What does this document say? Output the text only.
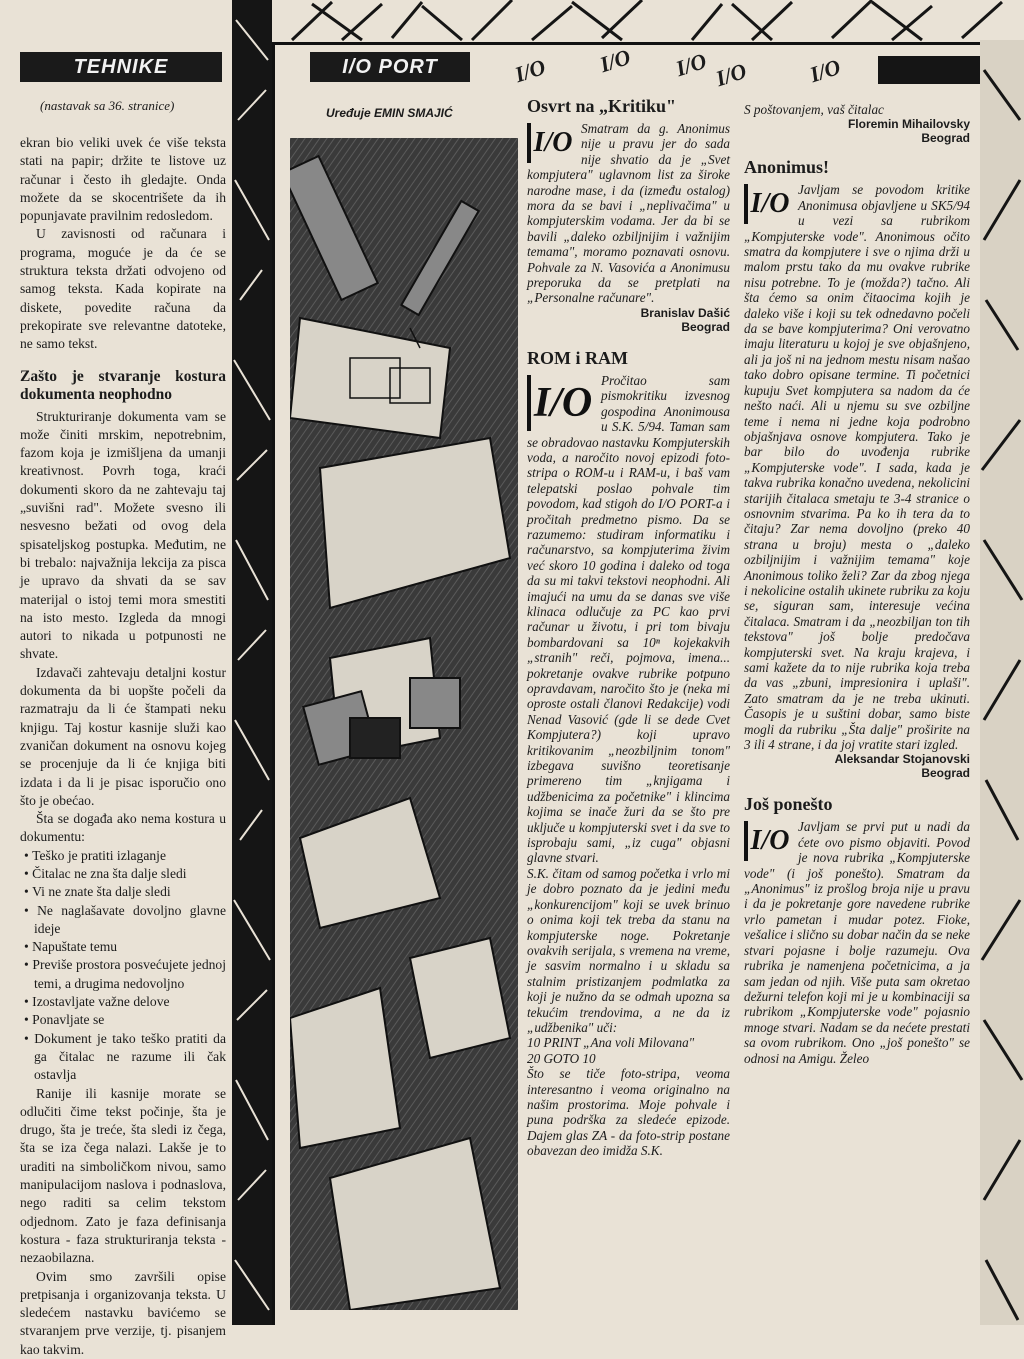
TEHNIKE
(nastavak sa 36. stranice)

ekran bio veliki uvek će više teksta stati na papir; držite te listove uz računar i često ih gledajte. Onda možete da se skocentrišete da ih popunjavate pravilnim redosledom.

U zavisnosti od računara i programa, moguće je da će se struktura teksta držati odvojeno od samog teksta. Kada kopirate na diskete, povedite računa da prekopirate sve relevantne datoteke, ne samo tekst.

Zašto je stvaranje kostura dokumenta neophodno

Strukturiranje dokumenta vam se može činiti mrskim, nepotrebnim, fazom koja je izmišljena da umanji kreativnost. Povrh toga, kraći dokumenti skoro da ne zahtevaju taj „suvišni rad". Možete svesno ili nesvesno bežati od ovog dela spisateljskog postupka. Međutim, ne bi trebalo: najvažnija lekcija za pisca je upravo da shvati da se sav materijal o istoj temi mora smestiti na isto mesto. Izgleda da mnogi autori to nikada u potpunosti ne shvate.

Izdavači zahtevaju detaljni kostur dokumenta da bi uopšte počeli da razmatraju da li će štampati neku knjigu. Taj kostur kasnije služi kao zvaničan dokument na osnovu kojeg se procenjuje da li će knjiga biti izdata i da li je pisac isporučio ono što je obećao.

Šta se događa ako nema kostura u dokumentu:

• Teško je pratiti izlaganje
• Čitalac ne zna šta dalje sledi
• Vi ne znate šta dalje sledi
• Ne naglašavate dovoljno glavne ideje
• Napuštate temu
• Previše prostora posvećujete jednoj temi, a drugima nedovoljno
• Izostavljate važne delove
• Ponavljate se
• Dokument je tako teško pratiti da ga čitalac ne razume ili čak ostavlja

Ranije ili kasnije morate se odlučiti čime tekst počinje, šta je drugo, šta je treće, šta sledi iz čega, šta se iza čega nalazi. Lakše je to uraditi na simboličkom nivou, samo manipulacijom naslova i podnaslova, nego raditi sa celim tekstom odjednom. Zato je faza definisanja kostura - faza strukturiranja teksta - nezaobilazna.

Ovim smo završili opise pretpisanja i organizovanja teksta. U sledećem nastavku bavićemo se stvaranjem prve verzije, tj. pisanjem kao takvim.

I/O PORT
Uređuje EMIN SMAJIĆ
I/O I/O I/O I/O	I/O
Osvrt na „Kritiku"
I/O Smatram da g. Anonimus nije u pravu jer do sada nije shvatio da je „Svet kompjutera" uglavnom list za široke narodne mase, i da (između ostalog) mora da se bavi i „neplivačima" u kompjuterskim vodama. Jer da bi se bavili „daleko ozbiljnijim i važnijim temama", moramo poznavati osnovu. Pohvale za N. Vasovića a Anonimusu preporuka da se pretplati na „Personalne računare".

Branislav Dašić

Beograd

ROM i RAM
I/O Pročitao sam pismokritiku izvesnog gospodina Anonimousa u S.K. 5/94. Taman sam se obradovao nastavku Kompjuterskih voda, a naročito novoj epizodi foto-stripa o ROM-u i RAM-u, i baš vam telepatski poslao pohvale tim povodom, kad stigoh do I/O PORT-a i pročitah predmetno pismo. Da se razumemo: studiram informatiku i računarstvo, sa kompjuterima živim već skoro 10 godina i daleko od toga da su mi takvi tekstovi neophodni. Ali imajući na umu da se danas sve više klinaca odlučuje za PC kao prvi računar u životu, i pri tom bivaju bombardovani sa 10ⁿ kojekakvih „stranih" reči, pojmova, imena... pokretanje ovakve rubrike potpuno opravdavam, naročito što je (neka mi oproste ostali članovi Redakcije) vodi Nenad Vasović (gde li se dede Cvet Kompjutera?) koji upravo kritikovanim „neozbiljnim tonom" izbegava suvišno teoretisanje primereno tim „knjigama i udžbenicima za početnike" i klincima kojima se inače žuri da se što pre uključe u kompjuterski svet i da sve to isprobaju sami, „iz cuga" objasni glavne stvari.

S.K. čitam od samog početka i vrlo mi je dobro poznato da je jedini među „konkurencijom" koji se uvek brinuo o onima koji tek treba da stanu na kompjuterske noge. Pokretanje ovakvih serijala, s vremena na vreme, je sasvim normalno i u skladu sa stalnim pristizanjem podmlatka za koji je nužno da se odmah upozna sa tekućim trendovima, a ne da iz „udžbenika" uči:

10 PRINT „Ana voli Milovana"

20 GOTO 10

Što se tiče foto-stripa, veoma interesantno i veoma originalno na našim prostorima. Moje pohvale i puna podrška za sledeće epizode. Dajem glas ZA - da foto-strip postane obavezan deo imidža S.K.

S poštovanjem, vaš čitalac

Floremin Mihailovsky

Beograd

Anonimus!
I/O Javljam se povodom kritike Anonimusa objavljene u SK5/94 u vezi sa rubrikom „Kompjuterske vode". Anonimous očito smatra da kompjutere i sve o njima drži u malom prstu tako da mu ovakve rubrike nisu potrebne. To je (možda?) tačno. Ali šta ćemo sa onim čitaocima kojih je daleko više i koji su tek odnedavno počeli da se bave kompjuterima? Oni verovatno imaju literaturu u kojoj je sve objašnjeno, ali ja još ni na jednom mestu nisam našao tako dobro opisane termine. Ti početnici kupuju Svet kompjutera sa nadom da će nešto naći. Ali u njemu su sve ozbiljne teme i nema ni jedne koja podrobno objašnjava osnove kompjutera. Tako je bar bilo do uvođenja rubrike „Kompjuterske vode". I sada, kada je takva rubrika konačno uvedena, nekolicini starijih čitalaca smetaju te 3-4 stranice o osnovnim stvarima. Pa ko ih tera da to čitaju? Zar nema dovoljno (preko 40 strana u broju) mesta o „daleko ozbiljnijim i važnijim temama" koje Anonimous toliko želi? Zar da zbog njega i nekolicine ostalih ukinete rubriku za koju se, siguran sam, interesuje većina čitalaca. Smatram i da „neozbiljan ton tih tekstova" još bolje predočava kompjuterski svet. Na kraju krajeva, i sami kažete da to nije rubrika koja treba da vas „zbuni, impresionira i uplaši". Zato smatram da je ne treba ukinuti. Časopis je u suštini dobar, samo biste mogli da rubriku „Šta dalje" proširite na 3 ili 4 strane, i da joj vratite stari izgled.

Aleksandar Stojanovski

Beograd

Još ponešto
I/O Javljam se prvi put u nadi da ćete ovo pismo objaviti. Povod je nova rubrika „Kompjuterske vode" (i još ponešto). Smatram da „Anonimus" iz prošlog broja nije u pravu i da je pokretanje gore navedene rubrike vrlo pametan i mudar potez. Fioke, vešalice i slično su dobar način da se neke stvari pojasne i bolje razumeju. Ova rubrika je namenjena početnicima, a ja sam jedan od njih. Više puta sam okretao dežurni telefon koji mi je u kombinaciji sa rubrikom „Kompjuterske vode" pojasnio mnoge stvari. Nadam se da nećete prestati sa ovom rubrikom. Ono „još ponešto" se odnosi na Amigu. Želeo
